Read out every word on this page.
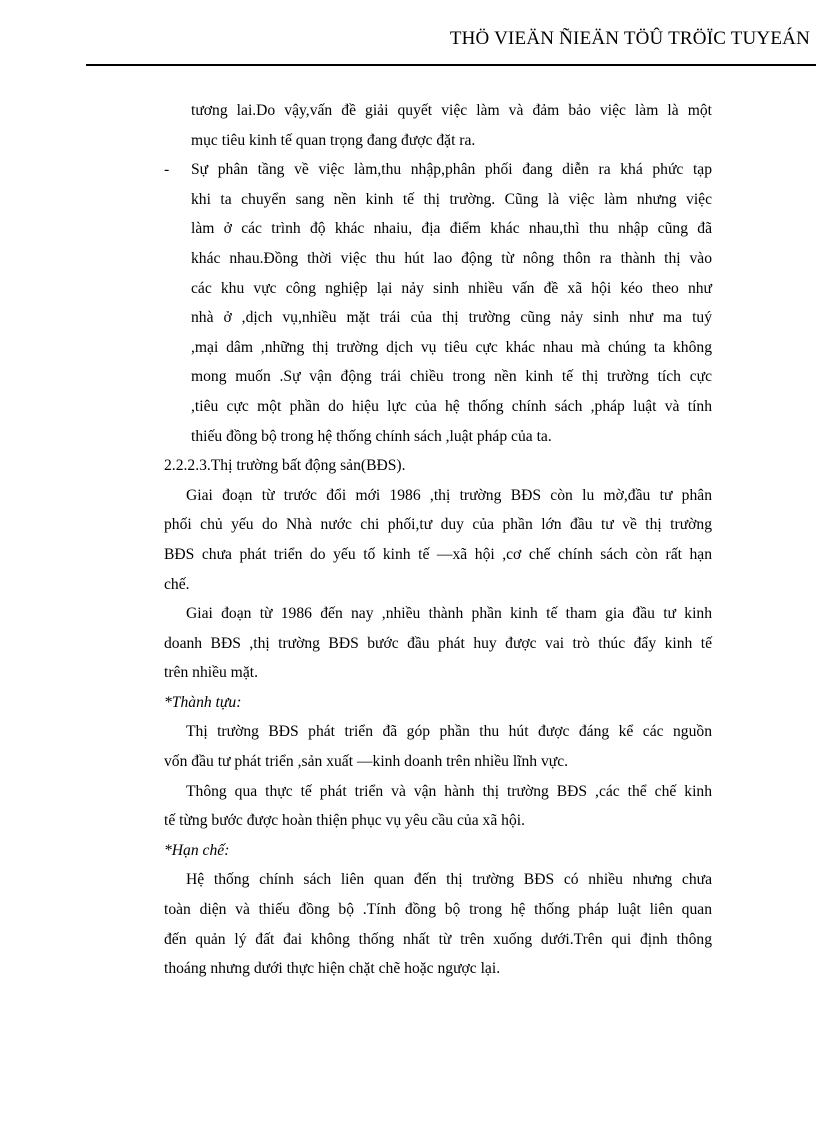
THÖ VIEÄN ÑIEÄN TÖÛ TRÖÏC TUYEÁN
tương lai.Do vậy,vấn đề giải quyết việc làm và đảm bảo việc làm là một
mục tiêu kinh tế quan trọng đang được đặt ra.
- Sự phân tầng về việc làm,thu nhập,phân phối đang diễn ra khá phức tạp
khi ta chuyển sang nền kinh tế thị trường. Cũng là việc làm nhưng việc
làm ở các trình độ khác nhaiu, địa điểm khác nhau,thì thu nhập cũng đã
khác nhau.Đồng thời việc thu hút lao động từ nông thôn ra thành thị vào
các khu vực công nghiệp lại nảy sinh nhiều vấn đề xã hội kéo theo như
nhà ở ,dịch vụ,nhiều mặt trái của thị trường cũng nảy sinh như ma tuý
,mại dâm ,những thị trường dịch vụ tiêu cực khác nhau mà chúng ta không
mong muốn .Sự vận động trái chiều trong nền kinh tế thị trường tích cực
,tiêu cực một phần do hiệu lực của hệ thống chính sách ,pháp luật và tính
thiếu đồng bộ trong hệ thống chính sách ,luật pháp của ta.
2.2.2.3.Thị trường bất động sản(BĐS).
Giai đoạn từ trước đổi mới 1986 ,thị trường BĐS còn lu mờ,đầu tư phân
phối chủ yếu do Nhà nước chi phối,tư duy của phần lớn đầu tư về thị trường
BĐS chưa phát triển do yếu tố kinh tế —xã hội ,cơ chế chính sách còn rất hạn
chế.
Giai đoạn từ 1986 đến nay ,nhiều thành phần kinh tế tham gia đầu tư kinh
doanh BĐS ,thị trường BĐS bước đầu phát huy được vai trò thúc đẩy kinh tế
trên nhiều mặt.
*Thành tựu:
Thị trường BĐS phát triển đã góp phần thu hút được đáng kể các nguồn
vốn đầu tư phát triển ,sản xuất —kinh doanh trên nhiều lĩnh vực.
Thông qua thực tế phát triển và vận hành thị trường BĐS ,các thể chế kinh
tế từng bước được hoàn thiện phục vụ yêu cầu của xã hội.
*Hạn chế:
Hệ thống chính sách liên quan đến thị trường BĐS có nhiều nhưng chưa
toàn diện và thiếu đồng bộ .Tính đồng bộ trong hệ thống pháp luật liên quan
đến quản lý đất đai không thống nhất từ trên xuống dưới.Trên qui định thông
thoáng nhưng dưới thực hiện chặt chẽ hoặc ngược lại.
